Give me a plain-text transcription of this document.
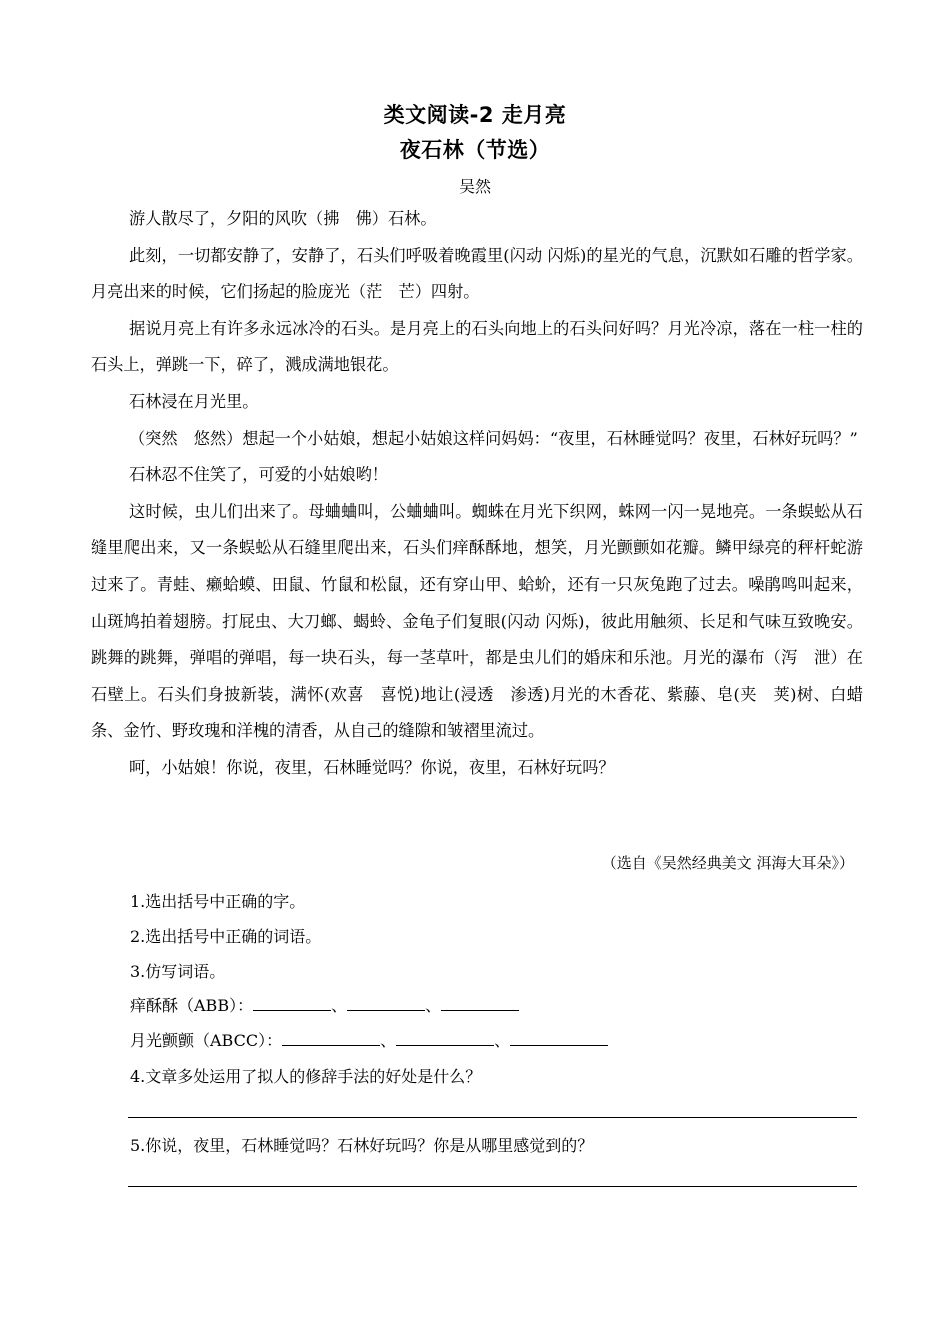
类文阅读-2 走月亮
夜石林（节选）
吴然

游人散尽了，夕阳的风吹（拂　佛）石林。

此刻，一切都安静了，安静了，石头们呼吸着晚霞里(闪动 闪烁)的星光的气息，沉默如石雕的哲学家。月亮出来的时候，它们扬起的脸庞光（茫　芒）四射。

据说月亮上有许多永远冰冷的石头。是月亮上的石头向地上的石头问好吗？月光冷凉，落在一柱一柱的石头上，弹跳一下，碎了，溅成满地银花。

石林浸在月光里。

（突然　悠然）想起一个小姑娘，想起小姑娘这样问妈妈：“夜里，石林睡觉吗？夜里，石林好玩吗？”

石林忍不住笑了，可爱的小姑娘哟！

这时候，虫儿们出来了。母蛐蛐叫，公蛐蛐叫。蜘蛛在月光下织网，蛛网一闪一晃地亮。一条蜈蚣从石缝里爬出来，又一条蜈蚣从石缝里爬出来，石头们痒酥酥地，想笑，月光颤颤如花瓣。鳞甲绿亮的秤杆蛇游过来了。青蛙、癞蛤蟆、田鼠、竹鼠和松鼠，还有穿山甲、蛤蚧，还有一只灰兔跑了过去。噪鹃鸣叫起来，山斑鸠拍着翅膀。打屁虫、大刀螂、蝎蛉、金龟子们复眼(闪动 闪烁)，彼此用触须、长足和气味互致晚安。跳舞的跳舞，弹唱的弹唱，每一块石头，每一茎草叶，都是虫儿们的婚床和乐池。月光的瀑布（泻　泄）在石壁上。石头们身披新装，满怀(欢喜　喜悦)地让(浸透　渗透)月光的木香花、紫藤、皂(夹　荚)树、白蜡条、金竹、野玫瑰和洋槐的清香，从自己的缝隙和皱褶里流过。

呵，小姑娘！你说，夜里，石林睡觉吗？你说，夜里，石林好玩吗？

（选自《吴然经典美文 洱海大耳朵》）
1.选出括号中正确的字。
2.选出括号中正确的词语。
3.仿写词语。
痒酥酥（ABB）：	、	、
月光颤颤（ABCC）：	、	、
4.文章多处运用了拟人的修辞手法的好处是什么？
5.你说，夜里，石林睡觉吗？石林好玩吗？你是从哪里感觉到的？
